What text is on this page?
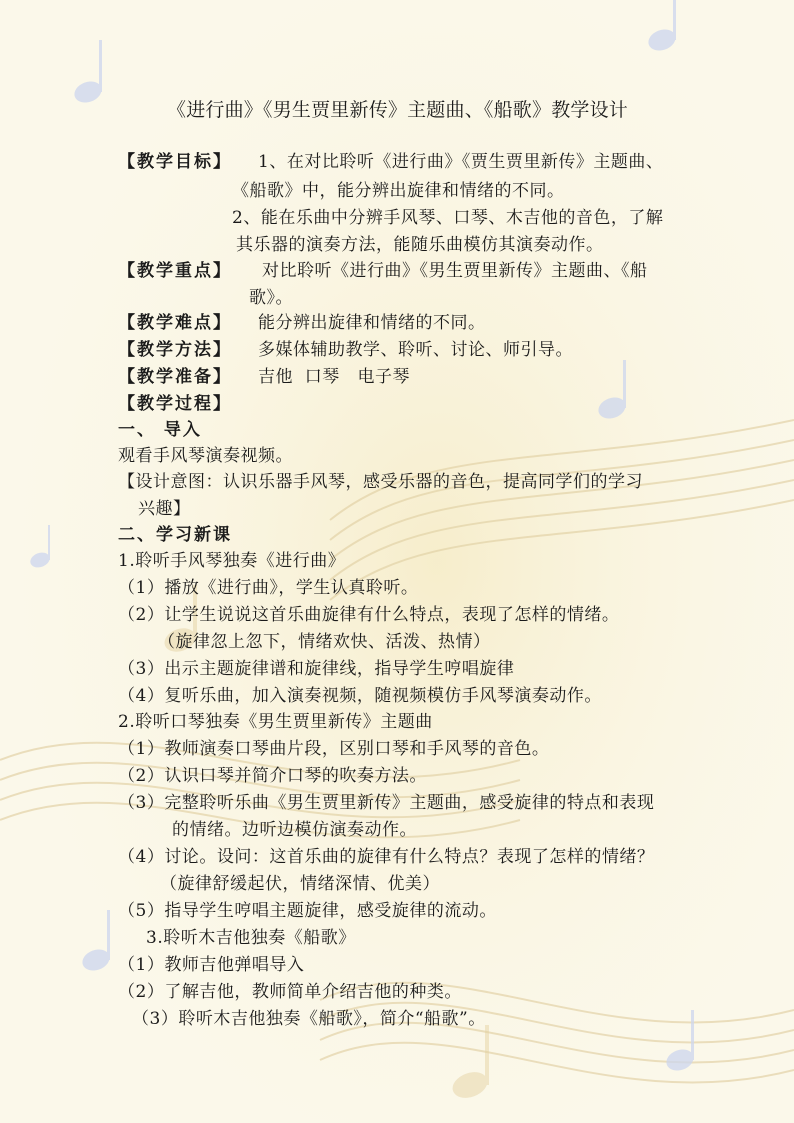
《进行曲》《男生贾里新传》主题曲、《船歌》教学设计
【教学目标】 1、在对比聆听《进行曲》《贾生贾里新传》主题曲、
《船歌》中，能分辨出旋律和情绪的不同。
2、能在乐曲中分辨手风琴、口琴、木吉他的音色，了解
其乐器的演奏方法，能随乐曲模仿其演奏动作。
【教学重点】 对比聆听《进行曲》《男生贾里新传》主题曲、《船
歌》。
【教学难点】 能分辨出旋律和情绪的不同。
【教学方法】 多媒体辅助教学、聆听、讨论、师引导。
【教学准备】 吉他  口琴   电子琴
【教学过程】
一、 导入
观看手风琴演奏视频。
【设计意图：认识乐器手风琴，感受乐器的音色，提高同学们的学习
兴趣】
二、学习新课
1.聆听手风琴独奏《进行曲》
（1）播放《进行曲》，学生认真聆听。
（2）让学生说说这首乐曲旋律有什么特点，表现了怎样的情绪。
（旋律忽上忽下，情绪欢快、活泼、热情）
（3）出示主题旋律谱和旋律线，指导学生哼唱旋律
（4）复听乐曲，加入演奏视频，随视频模仿手风琴演奏动作。
2.聆听口琴独奏《男生贾里新传》主题曲
（1）教师演奏口琴曲片段，区别口琴和手风琴的音色。
（2）认识口琴并简介口琴的吹奏方法。
（3）完整聆听乐曲《男生贾里新传》主题曲，感受旋律的特点和表现
的情绪。边听边模仿演奏动作。
（4）讨论。设问：这首乐曲的旋律有什么特点？表现了怎样的情绪？
（旋律舒缓起伏，情绪深情、优美）
（5）指导学生哼唱主题旋律，感受旋律的流动。
3.聆听木吉他独奏《船歌》
（1）教师吉他弹唱导入
（2）了解吉他，教师简单介绍吉他的种类。
（3）聆听木吉他独奏《船歌》，简介“船歌”。
